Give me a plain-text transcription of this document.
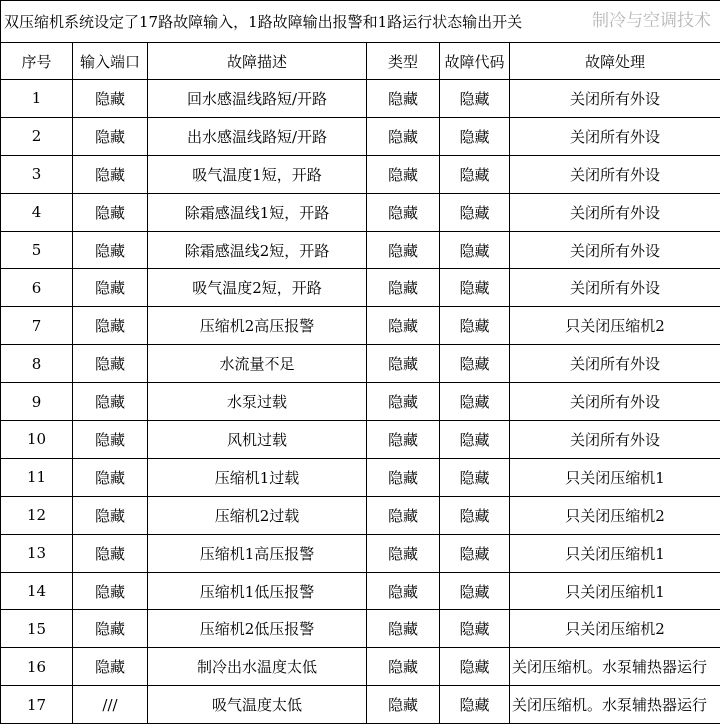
双压缩机系统设定了17路故障输入，1路故障输出报警和1路运行状态输出开关					
序号	输入端口	故障描述	类型	故障代码	故障处理
1	隐藏	回水感温线路短/开路	隐藏	隐藏	关闭所有外设
2	隐藏	出水感温线路短/开路	隐藏	隐藏	关闭所有外设
3	隐藏	吸气温度1短，开路	隐藏	隐藏	关闭所有外设
4	隐藏	除霜感温线1短，开路	隐藏	隐藏	关闭所有外设
5	隐藏	除霜感温线2短，开路	隐藏	隐藏	关闭所有外设
6	隐藏	吸气温度2短，开路	隐藏	隐藏	关闭所有外设
7	隐藏	压缩机2高压报警	隐藏	隐藏	只关闭压缩机2
8	隐藏	水流量不足	隐藏	隐藏	关闭所有外设
9	隐藏	水泵过载	隐藏	隐藏	关闭所有外设
10	隐藏	风机过载	隐藏	隐藏	关闭所有外设
11	隐藏	压缩机1过载	隐藏	隐藏	只关闭压缩机1
12	隐藏	压缩机2过载	隐藏	隐藏	只关闭压缩机2
13	隐藏	压缩机1高压报警	隐藏	隐藏	只关闭压缩机1
14	隐藏	压缩机1低压报警	隐藏	隐藏	只关闭压缩机1
15	隐藏	压缩机2低压报警	隐藏	隐藏	只关闭压缩机2
16	隐藏	制冷出水温度太低	隐藏	隐藏	关闭压缩机。水泵辅热器运行
17	///	吸气温度太低	隐藏	隐藏	关闭压缩机。水泵辅热器运行
制冷与空调技术
